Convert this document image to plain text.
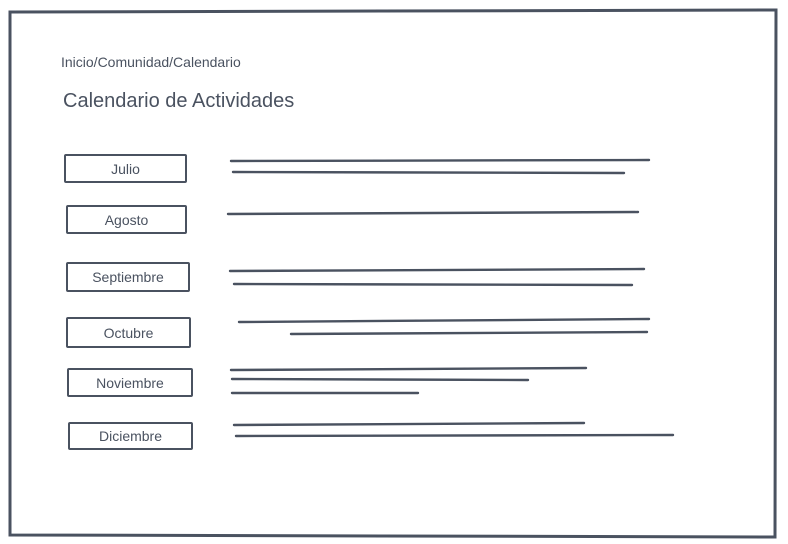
Inicio/Comunidad/Calendario
Calendario de Actividades
Julio
Agosto
Septiembre
Octubre
Noviembre
Diciembre
